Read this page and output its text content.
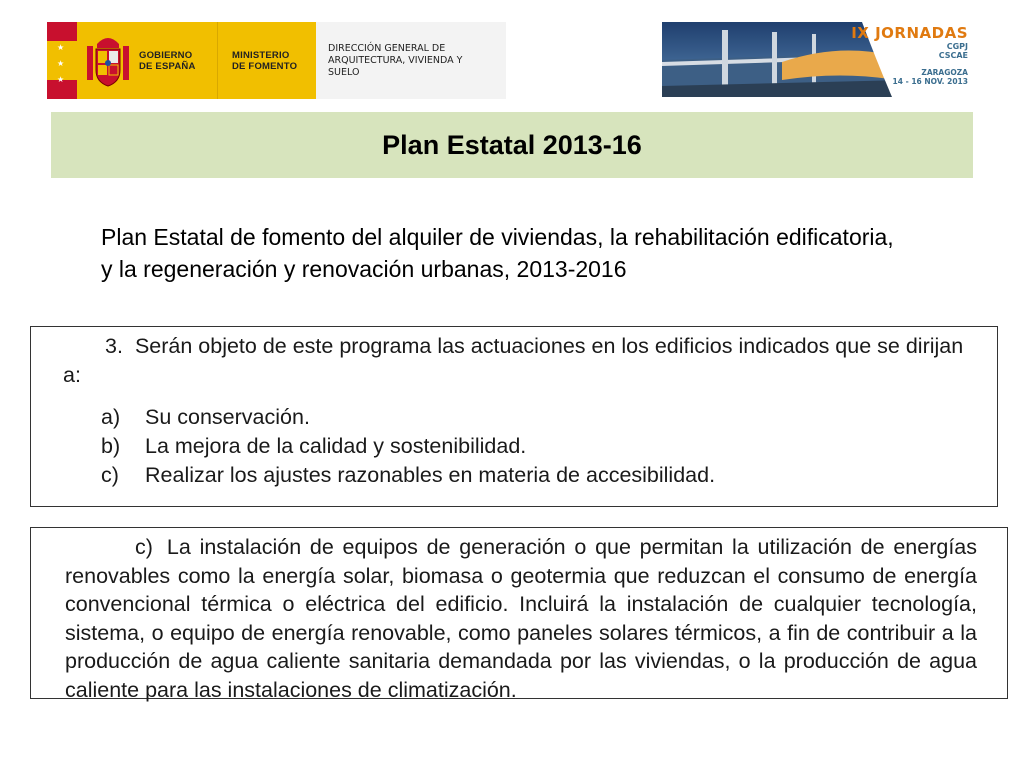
★
★
★
GOBIERNO
DE ESPAÑA
MINISTERIO
DE FOMENTO
DIRECCIÓN GENERAL DE
ARQUITECTURA, VIVIENDA Y
SUELO
IX JORNADAS
CGPJ
CSCAE
ZARAGOZA
14 - 16 NOV. 2013
Plan Estatal 2013-16
Plan Estatal de fomento del alquiler de viviendas, la rehabilitación edificatoria, y la regeneración y renovación urbanas, 2013-2016
3. Serán objeto de este programa las actuaciones en los edificios indicados que se dirijan a:
a)	Su conservación.
b)	La mejora de la calidad y sostenibilidad.
c)	Realizar los ajustes razonables en materia de accesibilidad.
c) La instalación de equipos de generación o que permitan la utilización de energías renovables como la energía solar, biomasa o geotermia que reduzcan el consumo de energía convencional térmica o eléctrica del edificio. Incluirá la instalación de cualquier tecnología, sistema, o equipo de energía renovable, como paneles solares térmicos, a fin de contribuir a la producción de agua caliente sanitaria demandada por las viviendas, o la producción de agua caliente para las instalaciones de climatización.
